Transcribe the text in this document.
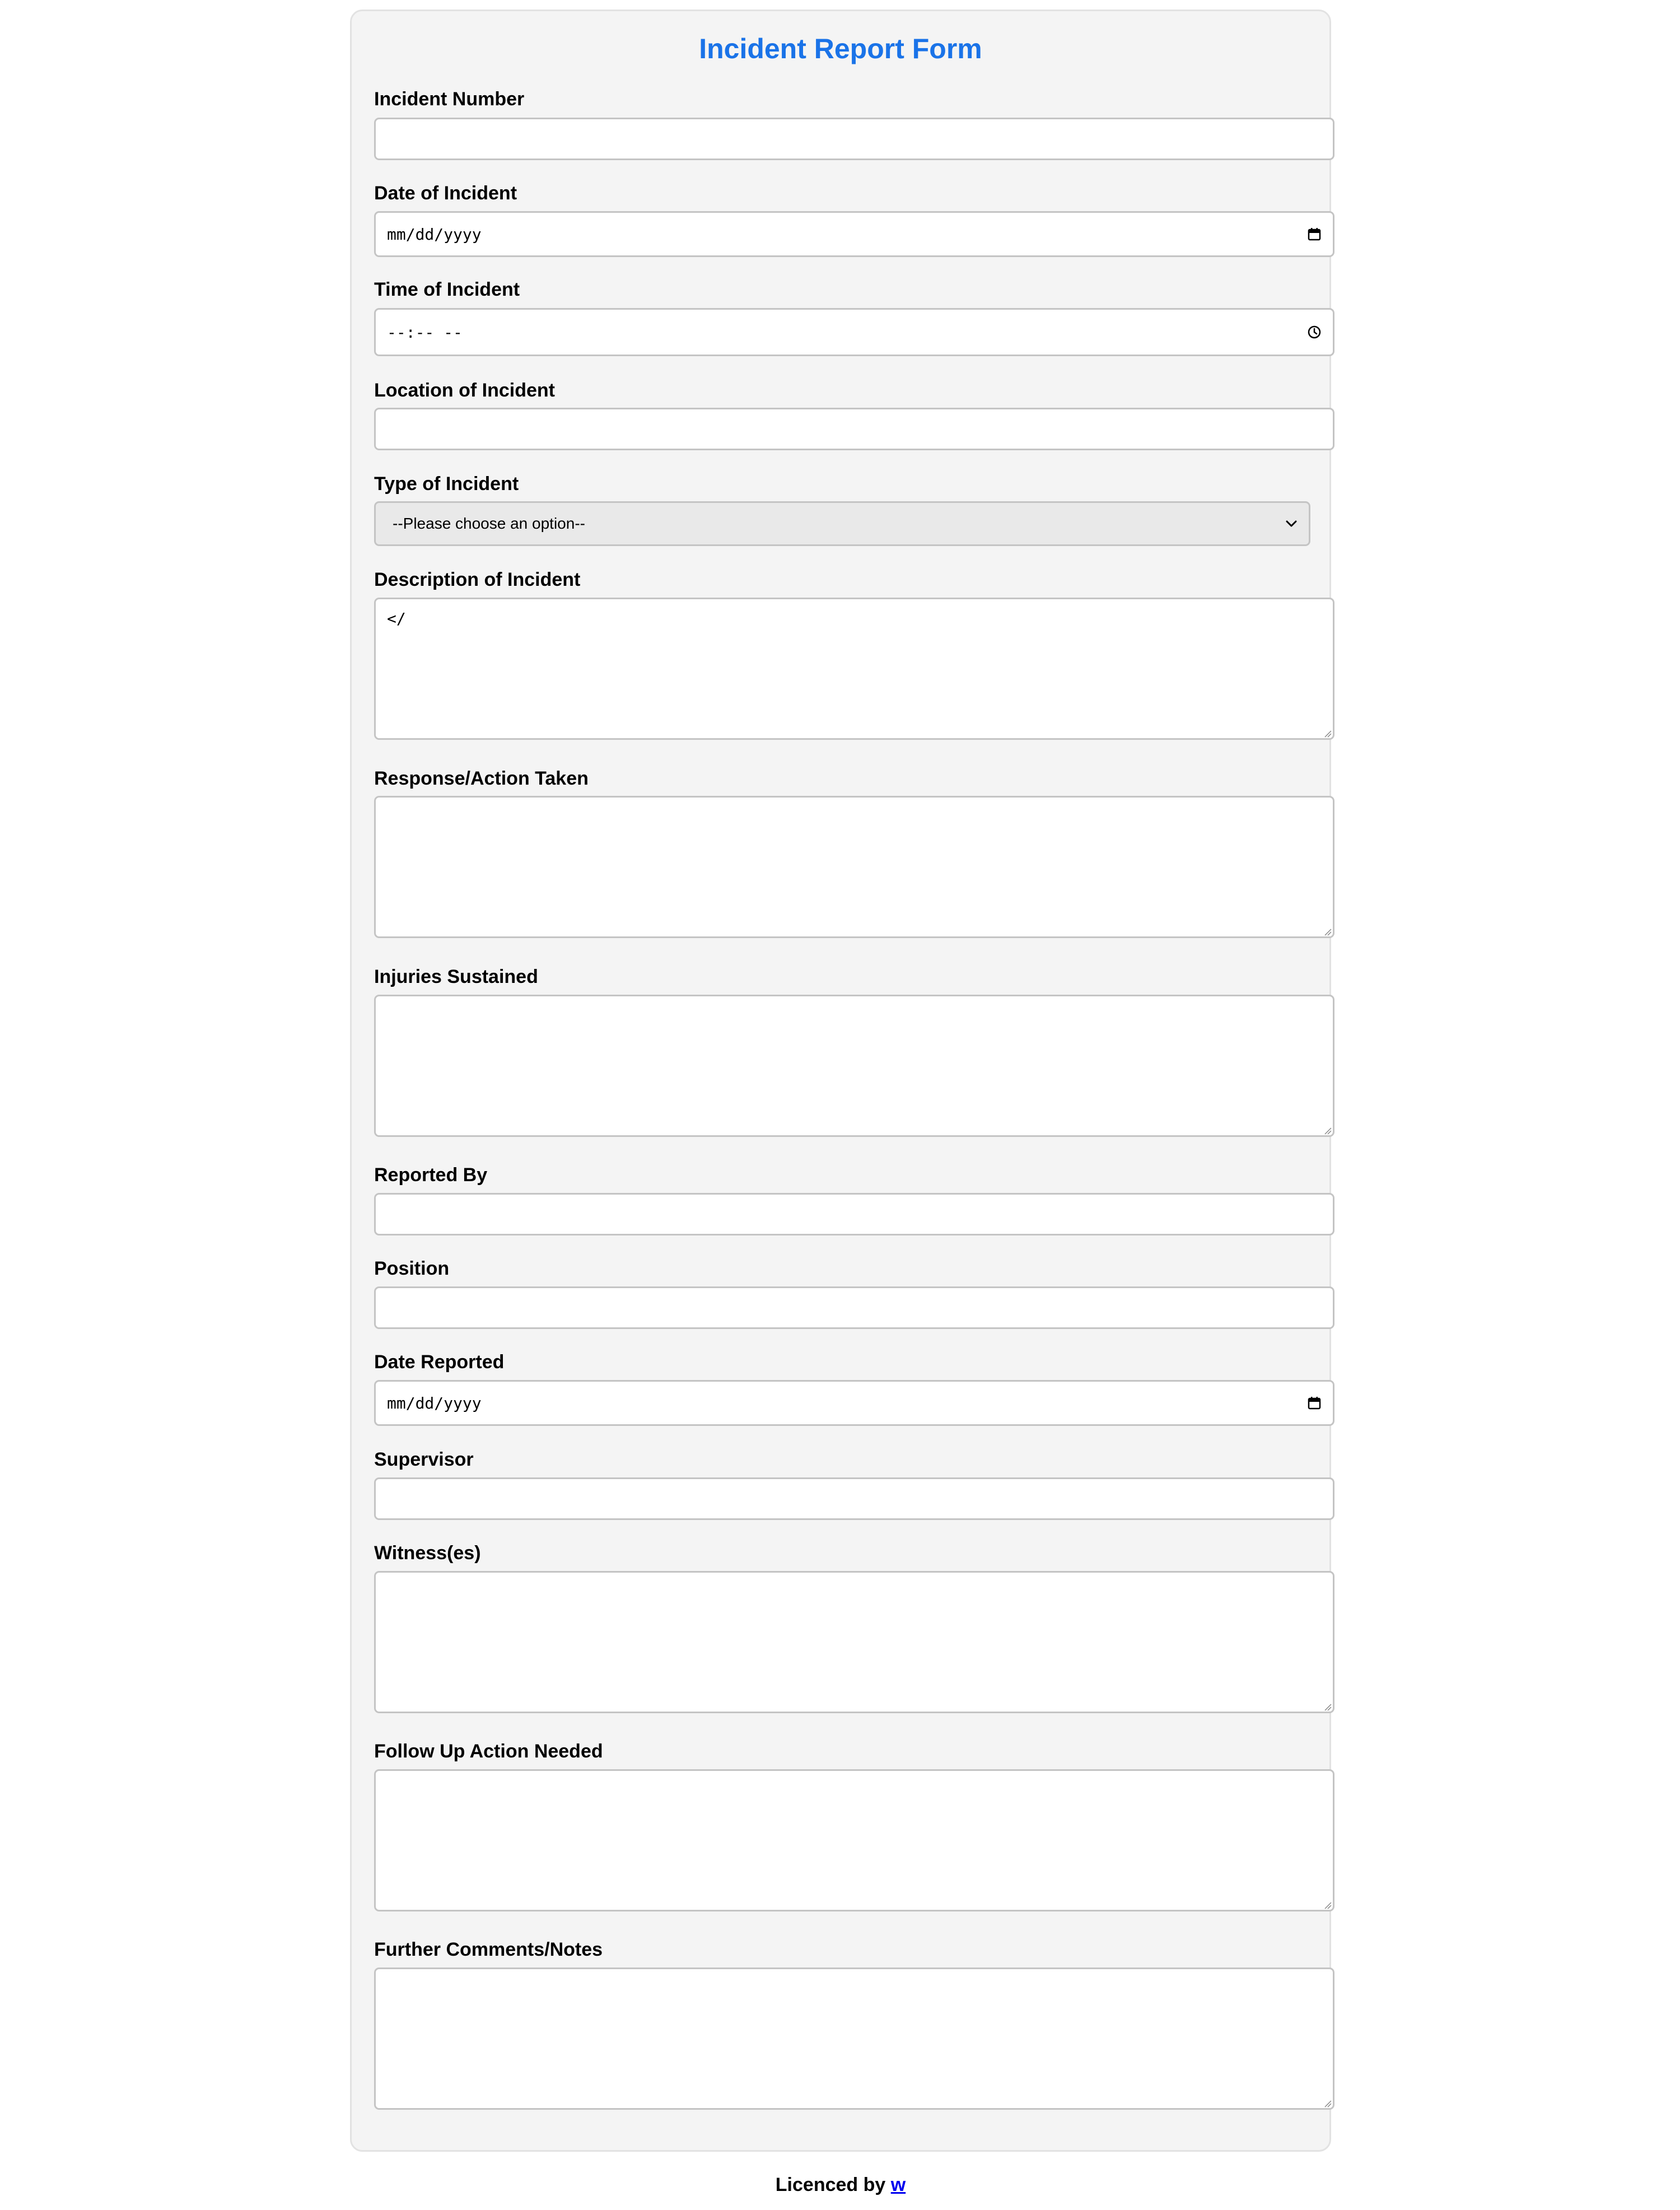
Incident Report Form
Incident Number
Date of Incident
mm/dd/yyyy
Time of Incident
--:-- --
Location of Incident
Type of Incident
--Please choose an option--
Description of Incident
</
Response/Action Taken
Injuries Sustained
Reported By
Position
Date Reported
mm/dd/yyyy
Supervisor
Witness(es)
Follow Up Action Needed
Further Comments/Notes
Licenced by w
